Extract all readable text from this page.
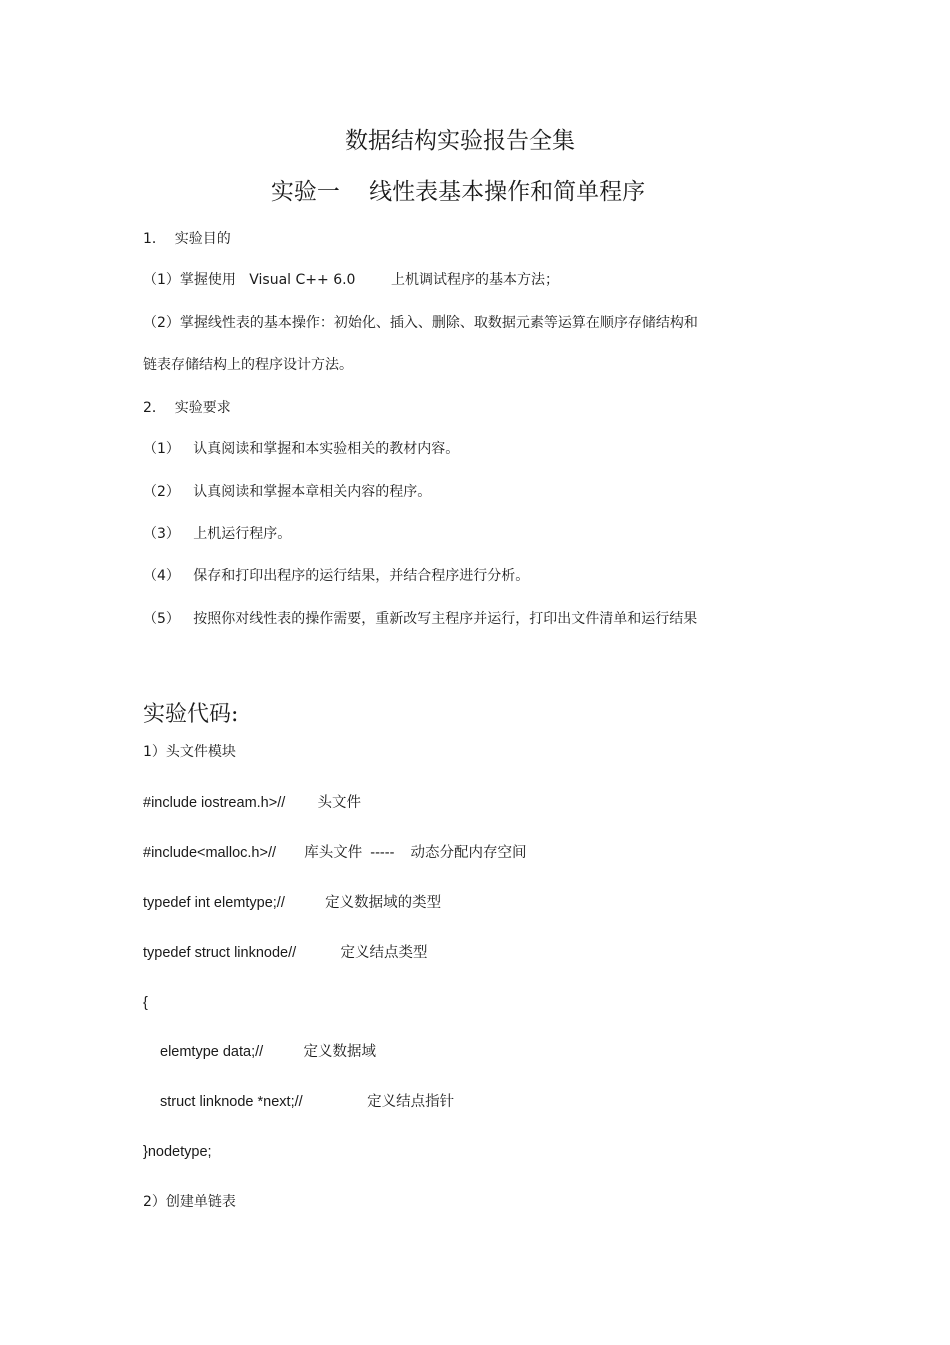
数据结构实验报告全集
实验一    线性表基本操作和简单程序
1．  实验目的
（1）掌握使用   Visual C++ 6.0        上机调试程序的基本方法；
（2）掌握线性表的基本操作：初始化、插入、删除、取数据元素等运算在顺序存储结构和
链表存储结构上的程序设计方法。
2．  实验要求
（1）   认真阅读和掌握和本实验相关的教材内容。
（2）   认真阅读和掌握本章相关内容的程序。
（3）   上机运行程序。
（4）   保存和打印出程序的运行结果，并结合程序进行分析。
（5）   按照你对线性表的操作需要，重新改写主程序并运行，打印出文件清单和运行结果
实验代码:
1）头文件模块
#include iostream.h>//        头文件
#include<malloc.h>//       库头文件  -----    动态分配内存空间
typedef int elemtype;//          定义数据域的类型
typedef struct linknode//           定义结点类型
{
elemtype data;//          定义数据域
struct linknode *next;//                定义结点指针
}nodetype;
2）创建单链表
